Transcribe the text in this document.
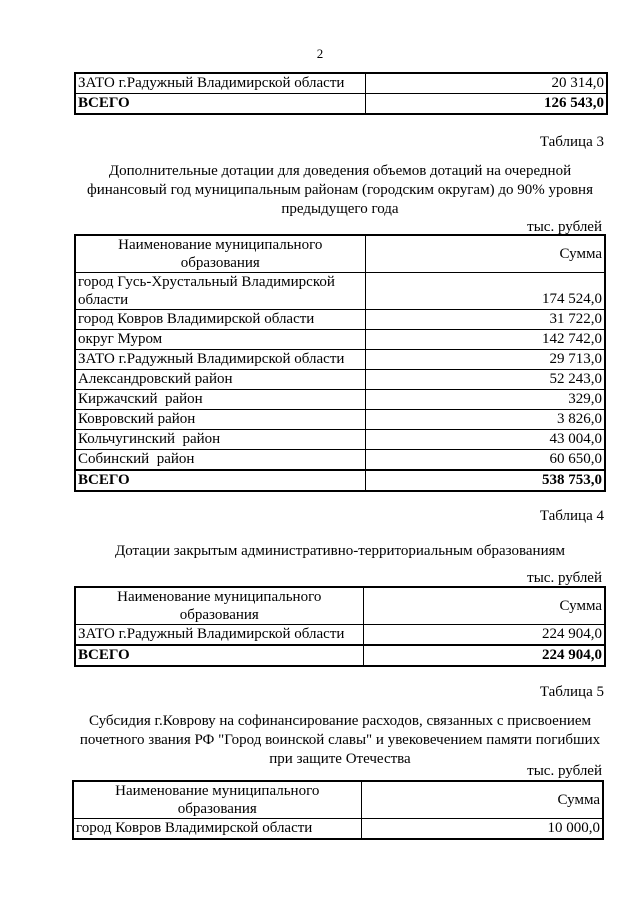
2
ЗАТО г.Радужный Владимирской области	20 314,0
ВСЕГО	126 543,0
Таблица 3
Дополнительные дотации для доведения объемов дотаций на очередной
финансовый год муниципальным районам (городским округам) до 90% уровня
предыдущего года
тыс. рублей
Наименование муниципального
образования	Сумма

город Гусь-Хрустальный Владимирской
области	174 524,0
город Ковров Владимирской области	31 722,0
округ Муром	142 742,0
ЗАТО г.Радужный Владимирской области	29 713,0
Александровский район	52 243,0
Киржачский  район	329,0
Ковровский район	3 826,0
Кольчугинский  район	43 004,0
Собинский  район	60 650,0
ВСЕГО	538 753,0
Таблица 4
Дотации закрытым административно-территориальным образованиям
тыс. рублей
Наименование муниципального
образования	Сумма
ЗАТО г.Радужный Владимирской области	224 904,0
ВСЕГО	224 904,0
Таблица 5
Субсидия г.Коврову на софинансирование расходов, связанных с присвоением
почетного звания РФ "Город воинской славы" и увековечением памяти погибших
при защите Отечества
тыс. рублей
Наименование муниципального
образования	Сумма
город Ковров Владимирской области	10 000,0
